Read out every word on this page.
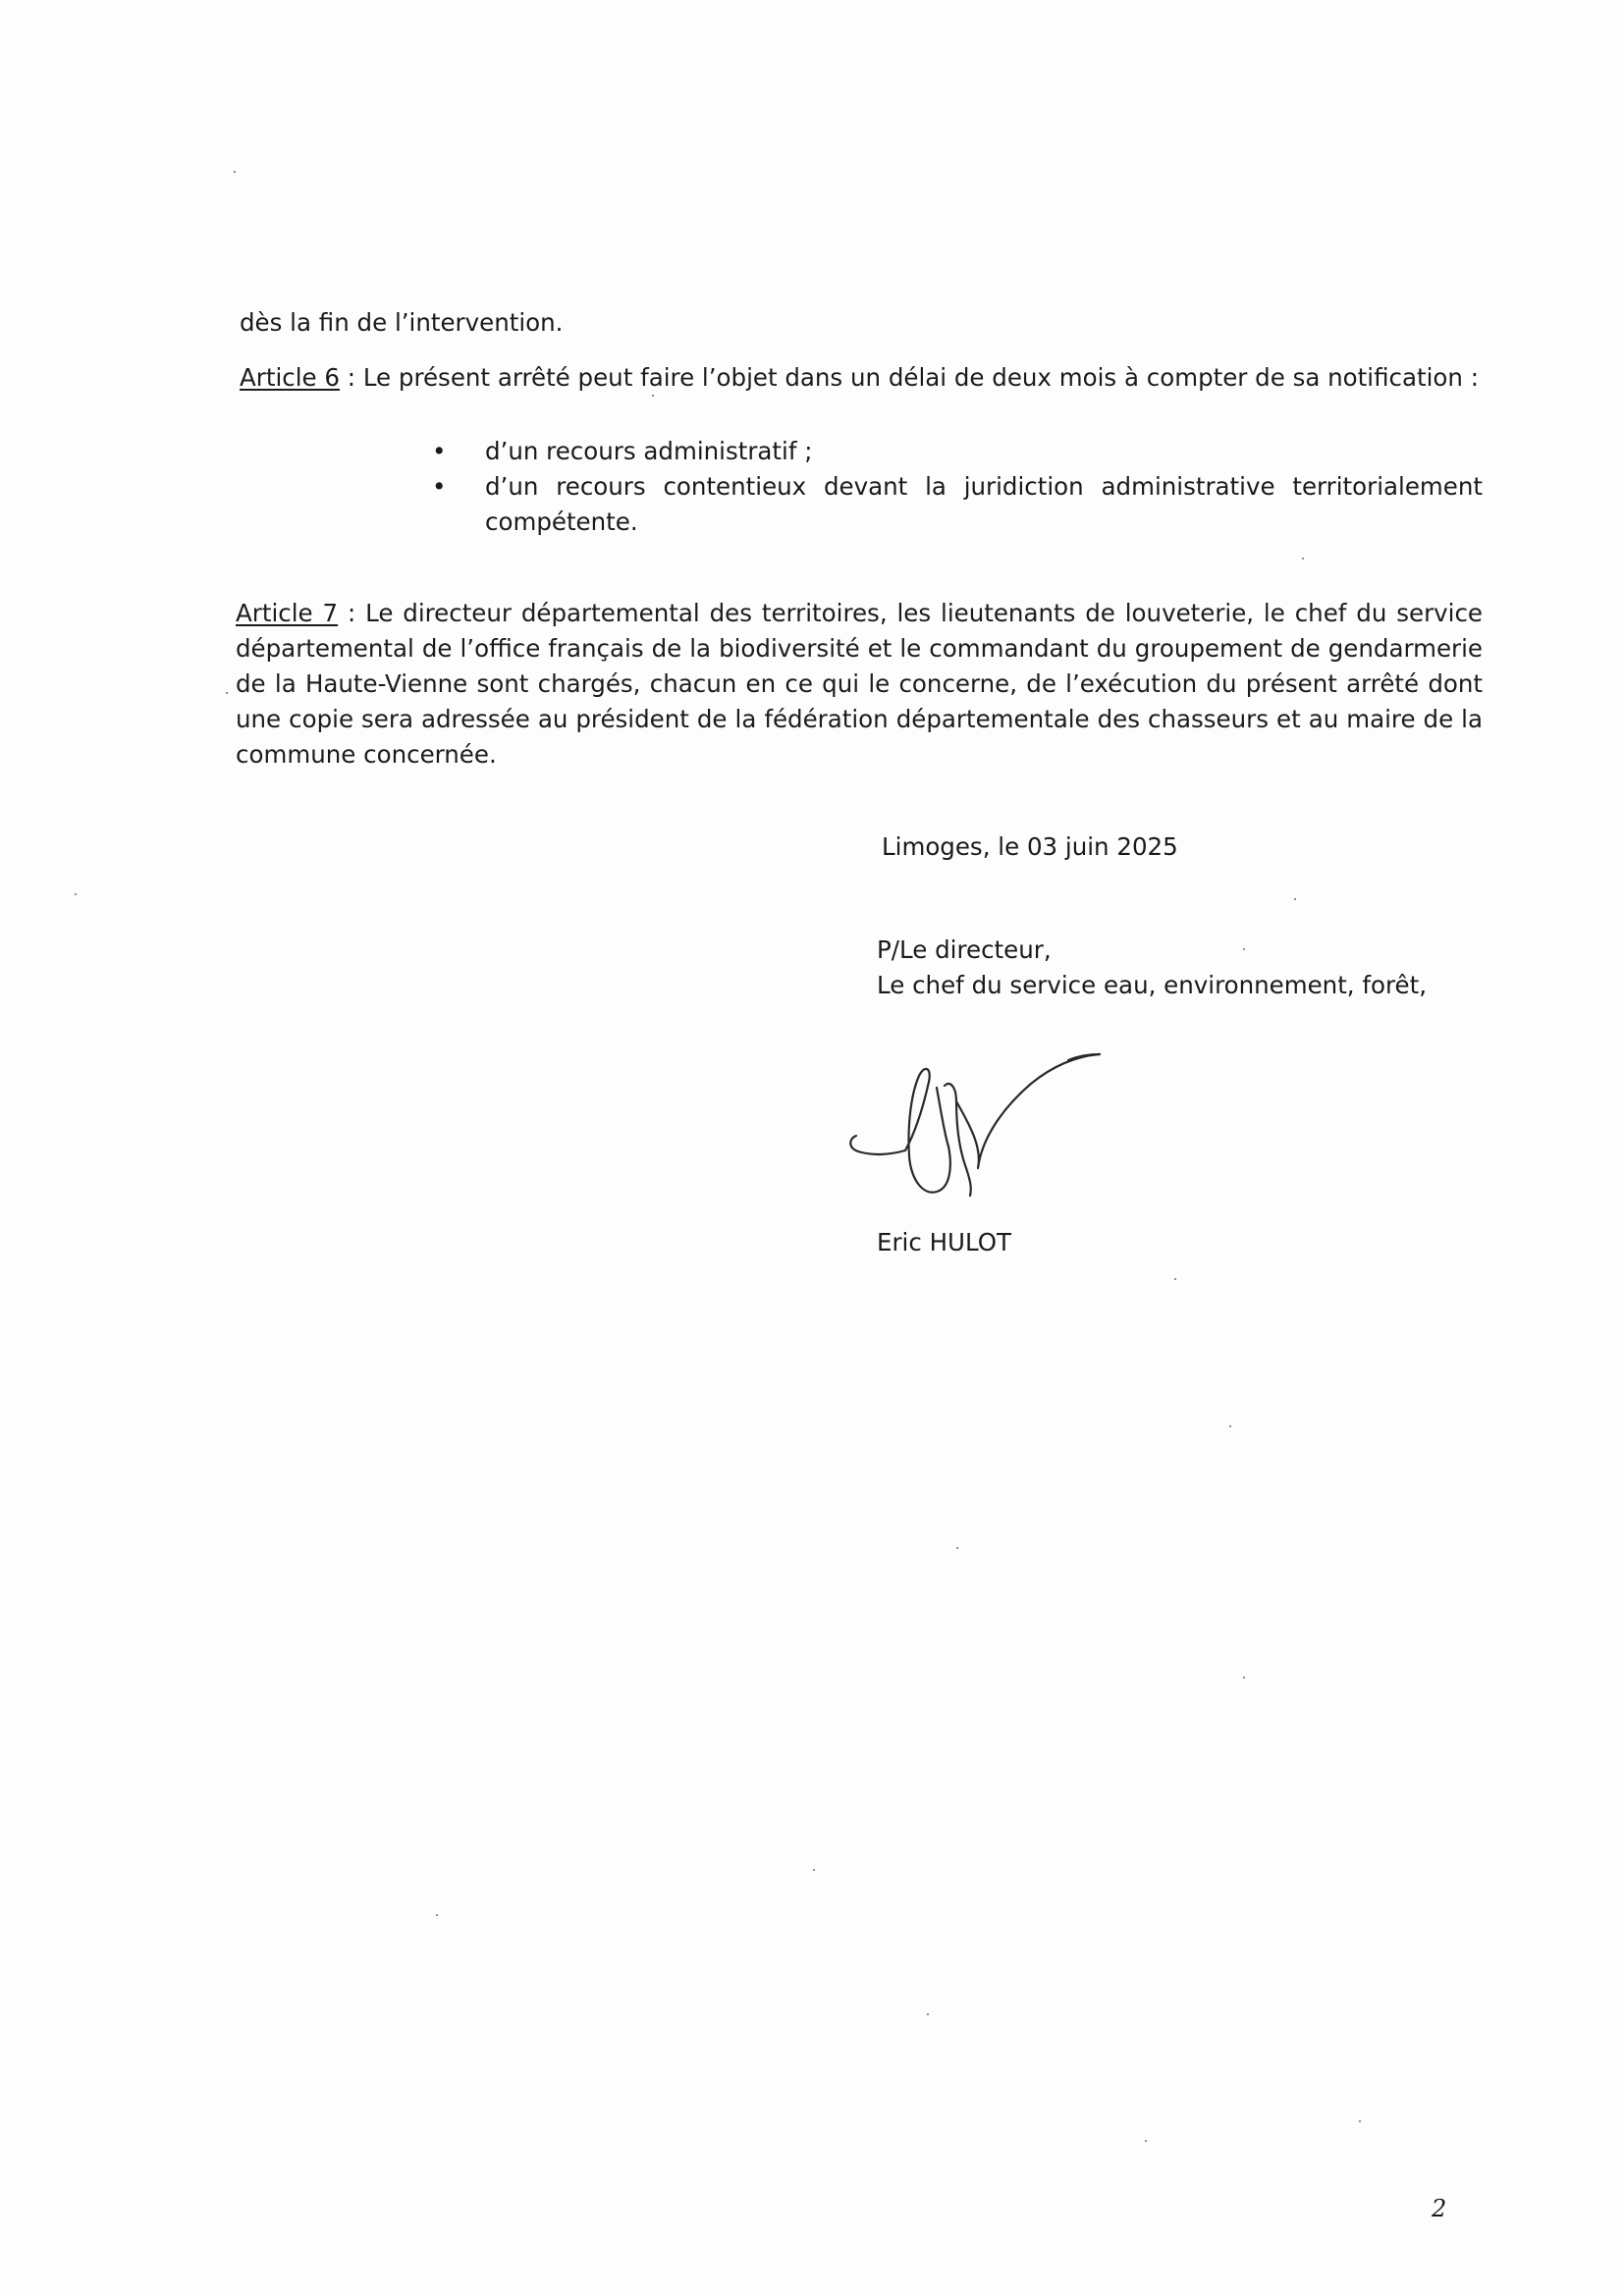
dès la fin de l’intervention.
Article 6 : Le présent arrêté peut faire l’objet dans un délai de deux mois à compter de sa notification :
• d’un recours administratif ;
• d’un recours contentieux devant la juridiction administrative territorialement compétente.
Article 7 : Le directeur départemental des territoires, les lieutenants de louveterie, le chef du service départemental de l’office français de la biodiversité et le commandant du groupement de gendarmerie de la Haute-Vienne sont chargés, chacun en ce qui le concerne, de l’exécution du présent arrêté dont une copie sera adressée au président de la fédération départementale des chasseurs et au maire de la commune concernée.
Limoges, le 03 juin 2025
P/Le directeur,
Le chef du service eau, environnement, forêt,
Eric HULOT
2
